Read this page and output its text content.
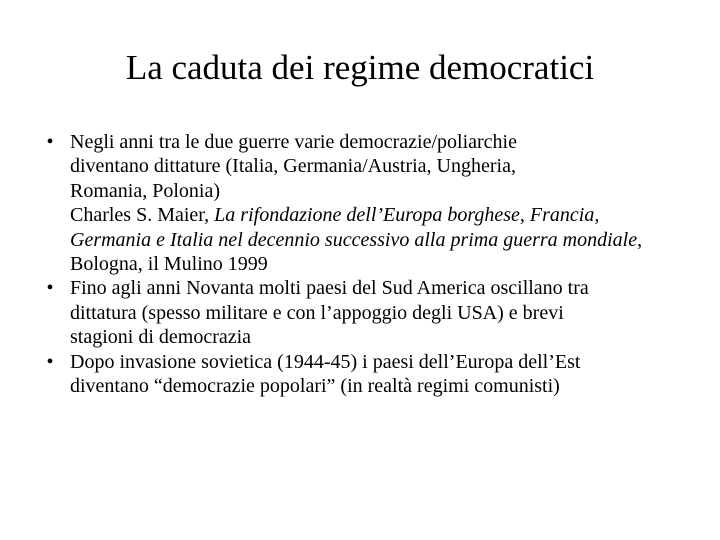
La caduta dei regime democratici
• Negli anni tra le due guerre varie democrazie/poliarchie
diventano dittature (Italia, Germania/Austria, Ungheria,
Romania, Polonia)
Charles S. Maier, La rifondazione dell’Europa borghese, Francia,
Germania e Italia nel decennio successivo alla prima guerra mondiale,
Bologna, il Mulino 1999
• Fino agli anni Novanta molti paesi del Sud America oscillano tra
dittatura (spesso militare e con l’appoggio degli USA) e brevi
stagioni di democrazia
• Dopo invasione sovietica (1944-45) i paesi dell’Europa dell’Est
diventano “democrazie popolari” (in realtà regimi comunisti)
